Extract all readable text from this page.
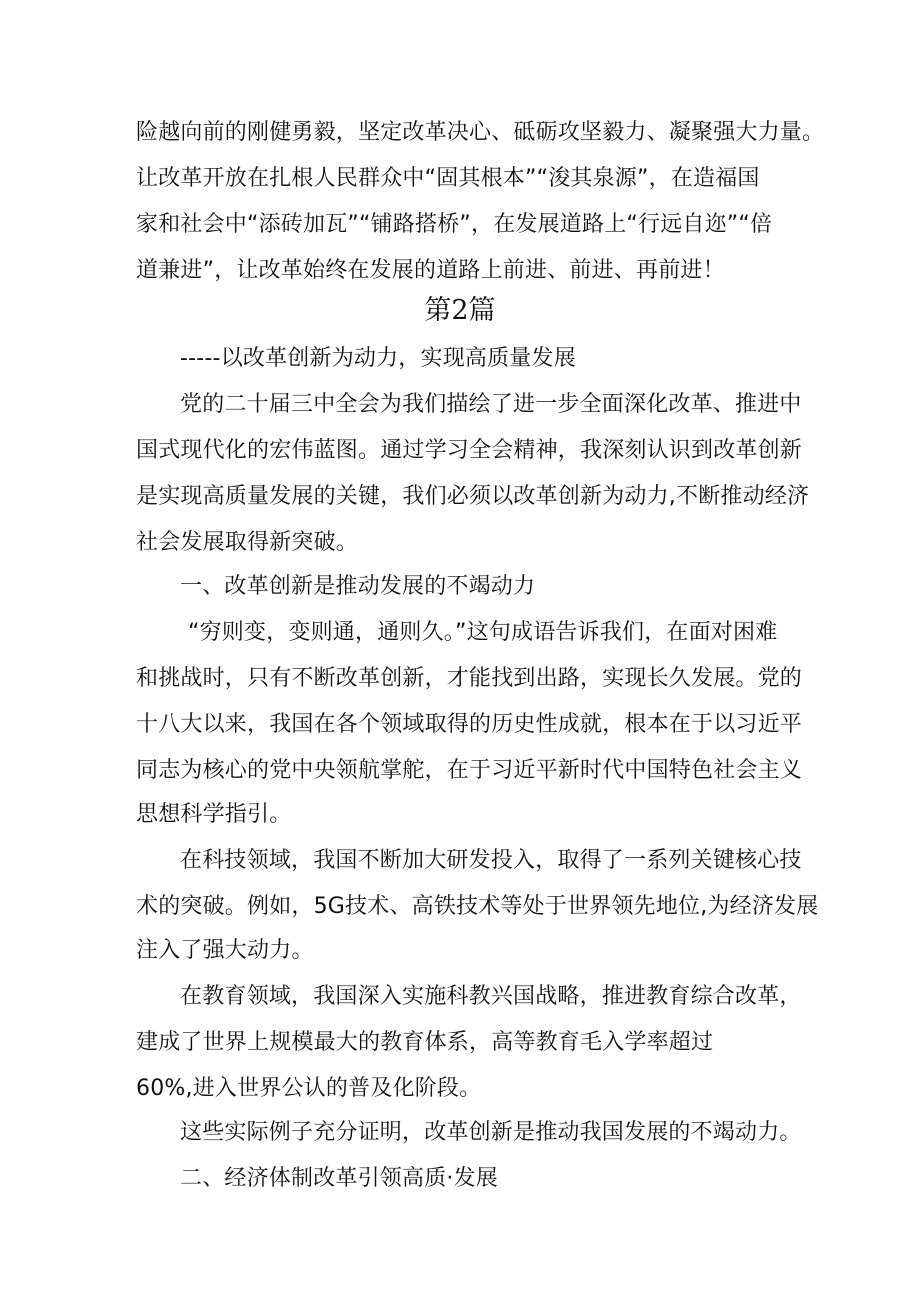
险越向前的刚健勇毅，坚定改革决心、砥砺攻坚毅力、凝聚强大力量。
让改革开放在扎根人民群众中“固其根本”“浚其泉源”，在造福国
家和社会中“添砖加瓦”“铺路搭桥”，在发展道路上“行远自迩”“倍
道兼进”，让改革始终在发展的道路上前进、前进、再前进！
第2篇
-----以改革创新为动力，实现高质量发展
党的二十届三中全会为我们描绘了进一步全面深化改革、推进中
国式现代化的宏伟蓝图。通过学习全会精神，我深刻认识到改革创新
是实现高质量发展的关键，我们必须以改革创新为动力,不断推动经济
社会发展取得新突破。
一、改革创新是推动发展的不竭动力
“穷则变，变则通，通则久。”这句成语告诉我们，在面对困难
和挑战时，只有不断改革创新，才能找到出路，实现长久发展。党的
十八大以来，我国在各个领域取得的历史性成就，根本在于以习近平
同志为核心的党中央领航掌舵，在于习近平新时代中国特色社会主义
思想科学指引。
在科技领域，我国不断加大研发投入，取得了一系列关键核心技
术的突破。例如，5G技术、高铁技术等处于世界领先地位,为经济发展
注入了强大动力。
在教育领域，我国深入实施科教兴国战略，推进教育综合改革，
建成了世界上规模最大的教育体系，高等教育毛入学率超过
60%,进入世界公认的普及化阶段。
这些实际例子充分证明，改革创新是推动我国发展的不竭动力。
二、经济体制改革引领高质·发展
